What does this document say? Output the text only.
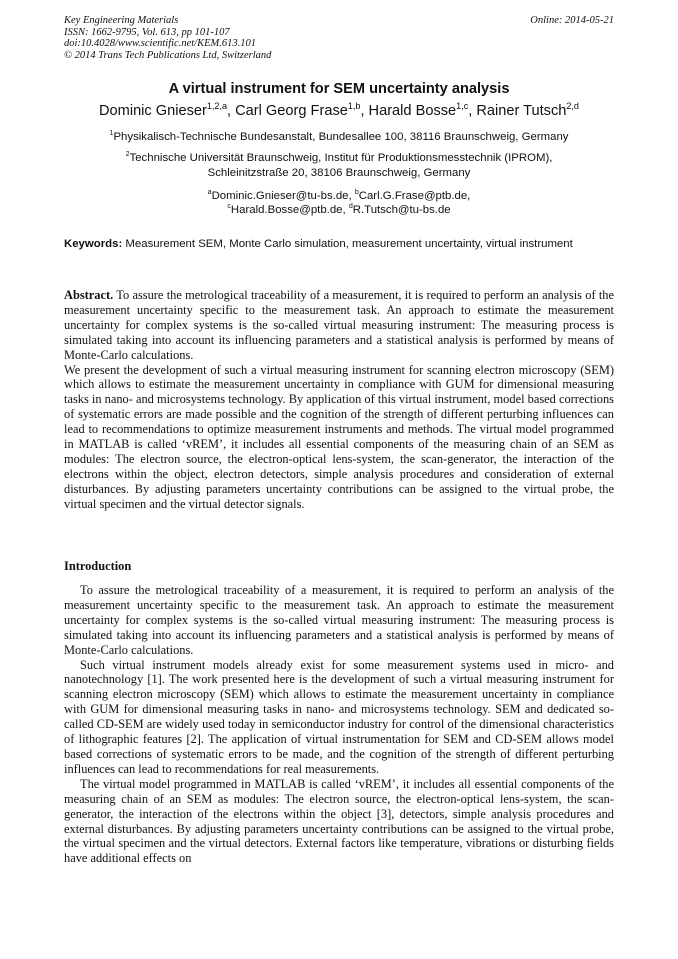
Key Engineering Materials
ISSN: 1662-9795, Vol. 613, pp 101-107
doi:10.4028/www.scientific.net/KEM.613.101
© 2014 Trans Tech Publications Ltd, Switzerland
Online: 2014-05-21
A virtual instrument for SEM uncertainty analysis
Dominic Gnieser$^{1,2,a}$, Carl Georg Frase$^{1,b}$, Harald Bosse$^{1,c}$, Rainer Tutsch$^{2,d}$
$^1$Physikalisch-Technische Bundesanstalt, Bundesallee 100, 38116 Braunschweig, Germany
$^2$Technische Universität Braunschweig, Institut für Produktionsmesstechnik (IPROM),
Schleinitzstraße 20, 38106 Braunschweig, Germany
$^a$Dominic.Gnieser@tu-bs.de, $^b$Carl.G.Frase@ptb.de,
$^c$Harald.Bosse@ptb.de, $^d$R.Tutsch@tu-bs.de
Keywords: Measurement SEM, Monte Carlo simulation, measurement uncertainty, virtual instrument

Abstract. To assure the metrological traceability of a measurement, it is required to perform an analysis of the measurement uncertainty specific to the measurement task. An approach to estimate the measurement uncertainty for complex systems is the so-called virtual measuring instrument: The measuring process is simulated taking into account its influencing parameters and a statistical analysis is performed by means of Monte-Carlo calculations.

We present the development of such a virtual measuring instrument for scanning electron microscopy (SEM) which allows to estimate the measurement uncertainty in compliance with GUM for dimensional measuring tasks in nano- and microsystems technology. By application of this virtual instrument, model based corrections of systematic errors are made possible and the cognition of the strength of different perturbing influences can lead to recommendations to optimize measurement instruments and methods. The virtual model programmed in MATLAB is called ‘vREM’, it includes all essential components of the measuring chain of an SEM as modules: The electron source, the electron-optical lens-system, the scan-generator, the interaction of the electrons within the object, electron detectors, simple analysis procedures and consideration of external disturbances. By adjusting parameters uncertainty contributions can be assigned to the virtual probe, the virtual specimen and the virtual detector signals.

Introduction

To assure the metrological traceability of a measurement, it is required to perform an analysis of the measurement uncertainty specific to the measurement task. An approach to estimate the measurement uncertainty for complex systems is the so-called virtual measuring instrument: The measuring process is simulated taking into account its influencing parameters and a statistical analysis is performed by means of Monte-Carlo calculations.

Such virtual instrument models already exist for some measurement systems used in micro- and nanotechnology [1]. The work presented here is the development of such a virtual measuring instrument for scanning electron microscopy (SEM) which allows to estimate the measurement uncertainty in compliance with GUM for dimensional measuring tasks in nano- and microsystems technology. SEM and dedicated so-called CD-SEM are widely used today in semiconductor industry for control of the dimensional characteristics of lithographic features [2]. The application of virtual instrumentation for SEM and CD-SEM allows model based corrections of systematic errors to be made, and the cognition of the strength of different perturbing influences can lead to recommendations for real measurements.

The virtual model programmed in MATLAB is called ‘vREM’, it includes all essential components of the measuring chain of an SEM as modules: The electron source, the electron-optical lens-system, the scan-generator, the interaction of the electrons within the object [3], detectors, simple analysis procedures and external disturbances. By adjusting parameters uncertainty contributions can be assigned to the virtual probe, the virtual specimen and the virtual detectors. External factors like temperature, vibrations or disturbing fields have additional effects on
